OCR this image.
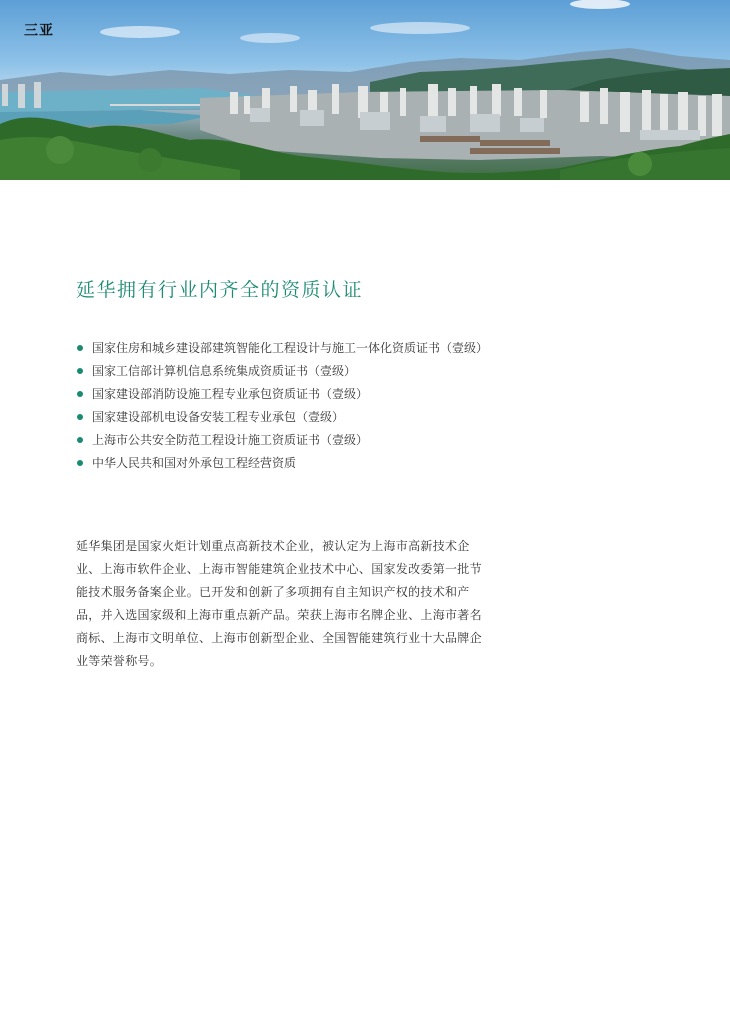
三亚
延华拥有行业内齐全的资质认证
国家住房和城乡建设部建筑智能化工程设计与施工一体化资质证书（壹级）
国家工信部计算机信息系统集成资质证书（壹级）
国家建设部消防设施工程专业承包资质证书（壹级）
国家建设部机电设备安装工程专业承包（壹级）
上海市公共安全防范工程设计施工资质证书（壹级）
中华人民共和国对外承包工程经营资质

延华集团是国家火炬计划重点高新技术企业，被认定为上海市高新技术企业、上海市软件企业、上海市智能建筑企业技术中心、国家发改委第一批节能技术服务备案企业。已开发和创新了多项拥有自主知识产权的技术和产品，并入选国家级和上海市重点新产品。荣获上海市名牌企业、上海市著名商标、上海市文明单位、上海市创新型企业、全国智能建筑行业十大品牌企业等荣誉称号。
